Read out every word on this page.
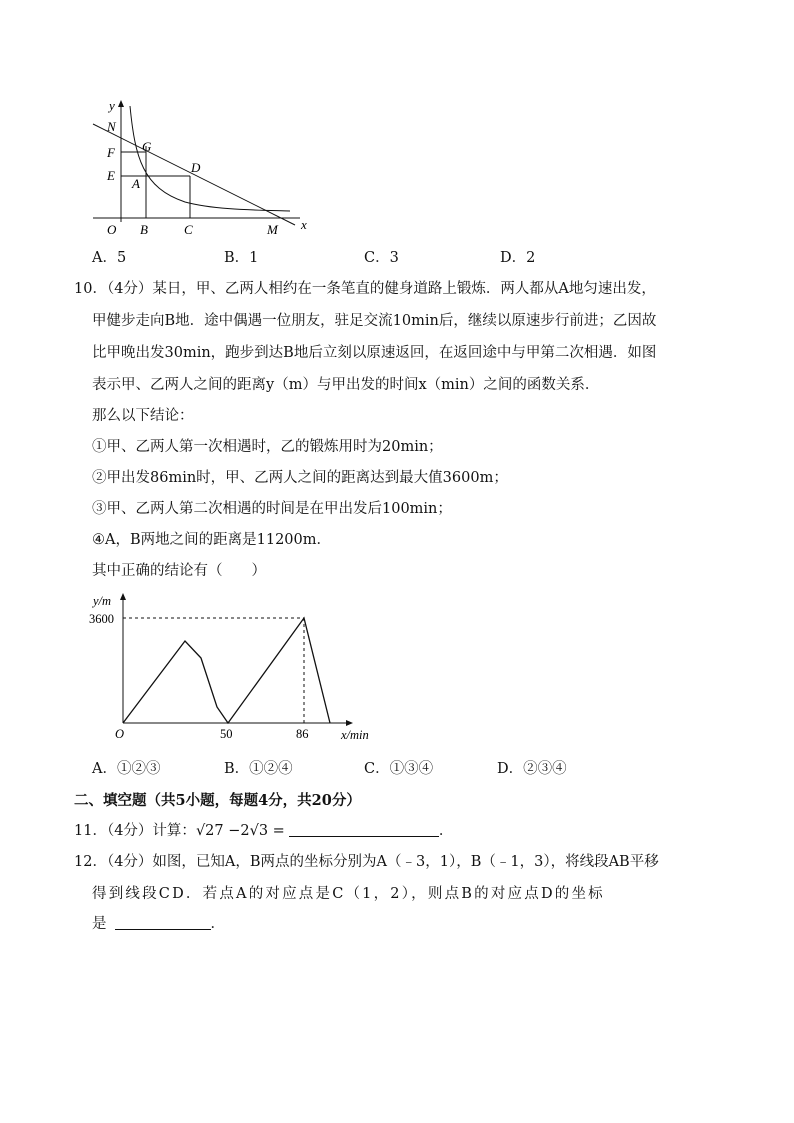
y
N
F G
E
A
D
O B	C	M x
A．5	B．1	C．3	D．2
10．（4分）某日，甲、乙两人相约在一条笔直的健身道路上锻炼．两人都从A地匀速出发，
甲健步走向B地．途中偶遇一位朋友，驻足交流10min后，继续以原速步行前进；乙因故
比甲晚出发30min，跑步到达B地后立刻以原速返回，在返回途中与甲第二次相遇．如图
表示甲、乙两人之间的距离y（m）与甲出发的时间x（min）之间的函数关系．
那么以下结论：
①甲、乙两人第一次相遇时，乙的锻炼用时为20min；
②甲出发86min时，甲、乙两人之间的距离达到最大值3600m；
③甲、乙两人第二次相遇的时间是在甲出发后100min；
④A，B两地之间的距离是11200m．
其中正确的结论有（　　）
y/m
3600
O	50	86	x/min
A．①②③	B．①②④	C．①③④	D．②③④
二、填空题（共5小题，每题4分，共20分）
11．（4分）计算：√27 −2√3 =	．
12．（4分）如图，已知A，B两点的坐标分别为A（﹣3，1），B（﹣1，3），将线段AB平移
得到线段CD．若点A的对应点是C（1，2），则点B的对应点D的坐标
是	．
